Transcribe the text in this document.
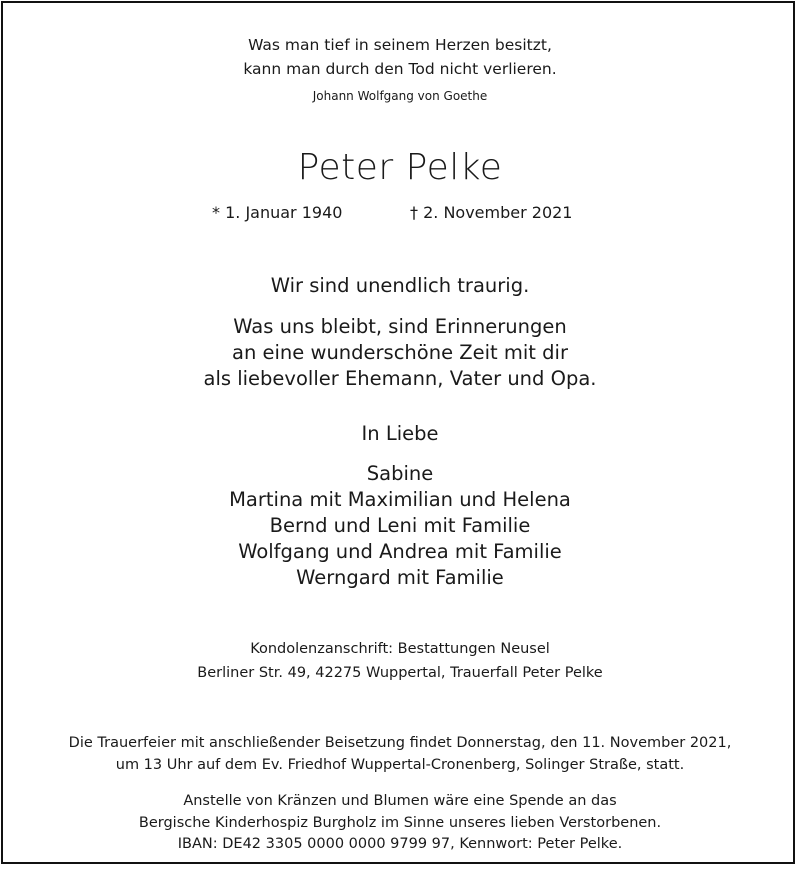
Was man tief in seinem Herzen besitzt,
kann man durch den Tod nicht verlieren.
Johann Wolfgang von Goethe
Peter Pelke
* 1. Januar 1940	† 2. November 2021
Wir sind unendlich traurig.
Was uns bleibt, sind Erinnerungen
an eine wunderschöne Zeit mit dir
als liebevoller Ehemann, Vater und Opa.
In Liebe
Sabine
Martina mit Maximilian und Helena
Bernd und Leni mit Familie
Wolfgang und Andrea mit Familie
Werngard mit Familie
Kondolenzanschrift: Bestattungen Neusel
Berliner Str. 49, 42275 Wuppertal, Trauerfall Peter Pelke
Die Trauerfeier mit anschließender Beisetzung findet Donnerstag, den 11. November 2021,
um 13 Uhr auf dem Ev. Friedhof Wuppertal-Cronenberg, Solinger Straße, statt.
Anstelle von Kränzen und Blumen wäre eine Spende an das
Bergische Kinderhospiz Burgholz im Sinne unseres lieben Verstorbenen.
IBAN: DE42 3305 0000 0000 9799 97, Kennwort: Peter Pelke.
